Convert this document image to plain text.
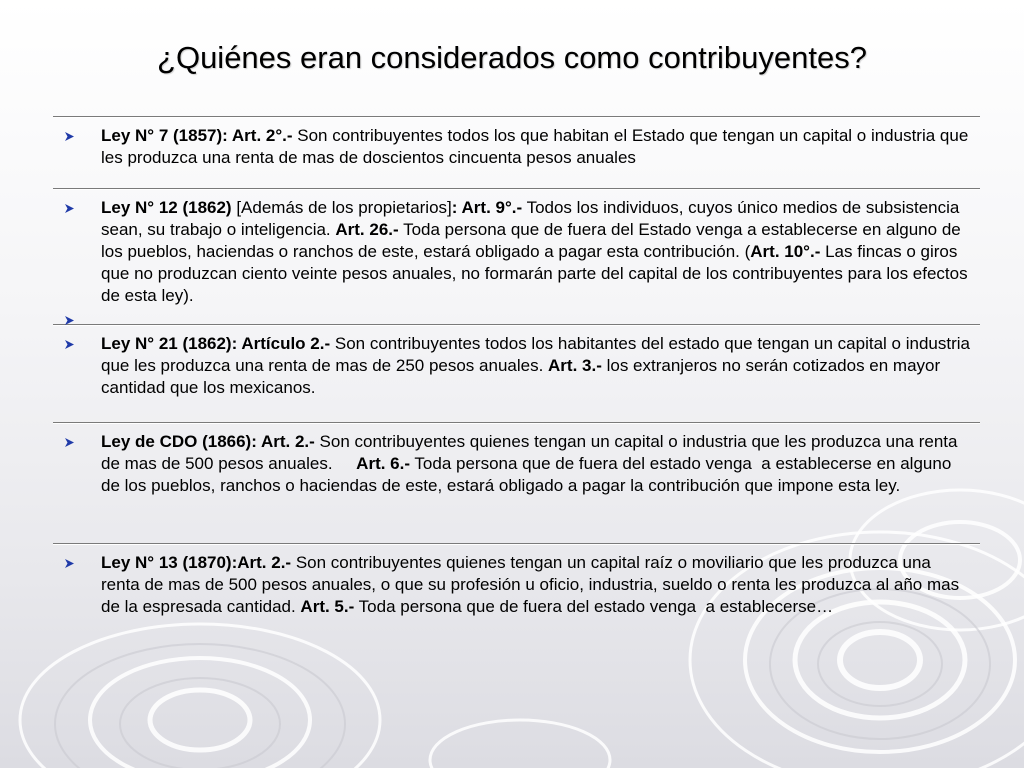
¿Quiénes eran considerados como contribuyentes?
Ley N° 7 (1857): Art. 2°.- Son contribuyentes todos los que habitan el Estado que tengan un capital o industria que les produzca una renta de mas de doscientos cincuenta pesos anuales
Ley N° 12 (1862) [Además de los propietarios]: Art. 9°.- Todos los individuos, cuyos único medios de subsistencia sean, su trabajo o inteligencia. Art. 26.- Toda persona que de fuera del Estado venga a establecerse en alguno de los pueblos, haciendas o ranchos de este, estará obligado a pagar esta contribución. (Art. 10°.- Las fincas o giros que no produzcan ciento veinte pesos anuales, no formarán parte del capital de los contribuyentes para los efectos de esta ley).
Ley N° 21 (1862): Artículo 2.- Son contribuyentes todos los habitantes del estado que tengan un capital o industria que les produzca una renta de mas de 250 pesos anuales. Art. 3.- los extranjeros no serán cotizados en mayor cantidad que los mexicanos.
Ley de CDO (1866): Art. 2.- Son contribuyentes quienes tengan un capital o industria que les produzca una renta de mas de 500 pesos anuales.     Art. 6.- Toda persona que de fuera del estado venga  a establecerse en alguno de los pueblos, ranchos o haciendas de este, estará obligado a pagar la contribución que impone esta ley.
Ley N° 13 (1870):Art. 2.- Son contribuyentes quienes tengan un capital raíz o moviliario que les produzca una renta de mas de 500 pesos anuales, o que su profesión u oficio, industria, sueldo o renta les produzca al año mas de la espresada cantidad. Art. 5.- Toda persona que de fuera del estado venga  a establecerse…
